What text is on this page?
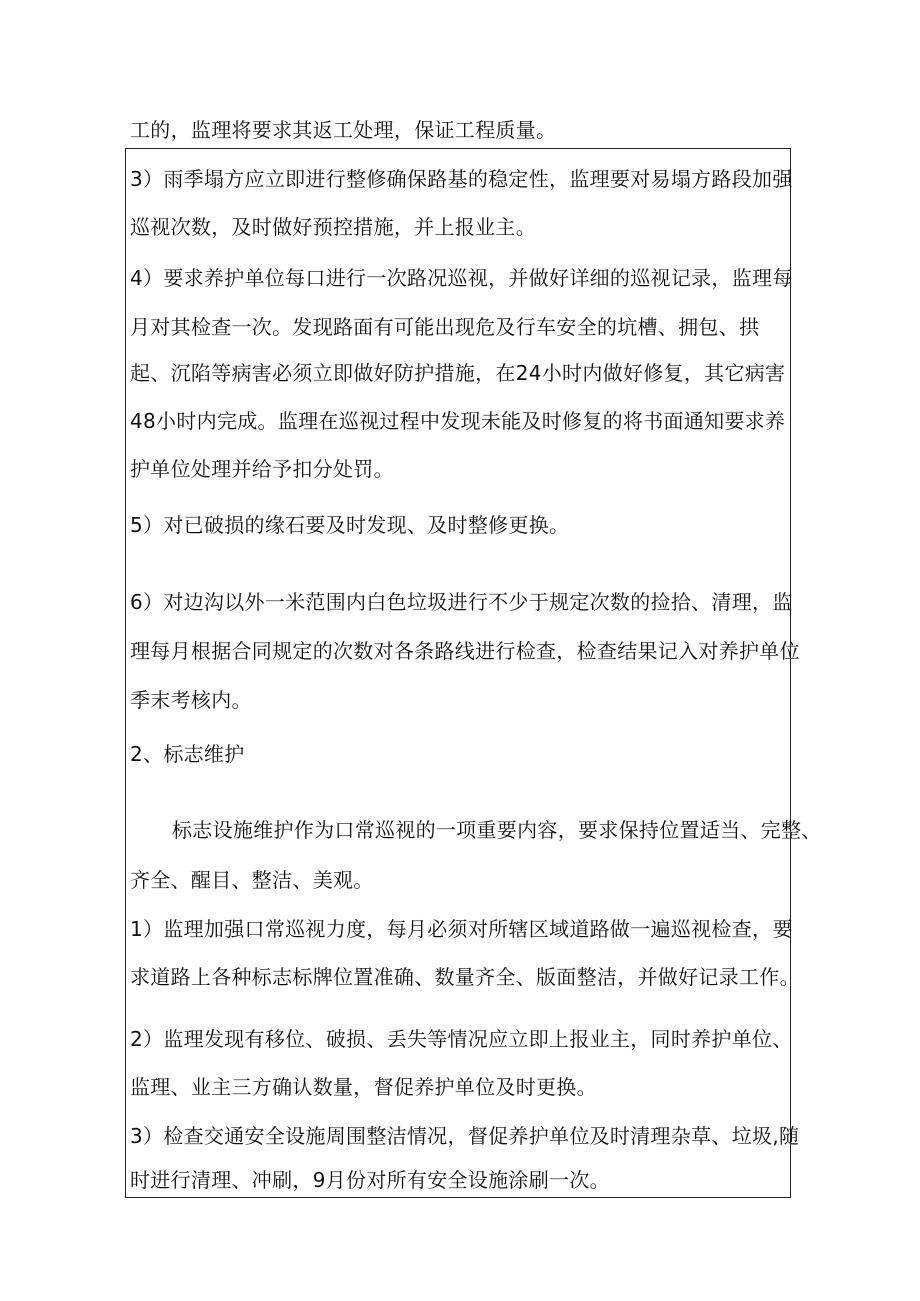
工的，监理将要求其返工处理，保证工程质量。
3）雨季塌方应立即进行整修确保路基的稳定性，监理要对易塌方路段加强
巡视次数，及时做好预控措施，并上报业主。
4）要求养护单位每口进行一次路况巡视，并做好详细的巡视记录，监理每
月对其检查一次。发现路面有可能出现危及行车安全的坑槽、拥包、拱
起、沉陷等病害必须立即做好防护措施，在24小时内做好修复，其它病害
48小时内完成。监理在巡视过程中发现未能及时修复的将书面通知要求养
护单位处理并给予扣分处罚。
5）对已破损的缘石要及时发现、及时整修更换。
6）对边沟以外一米范围内白色垃圾进行不少于规定次数的捡拾、清理，监
理每月根据合同规定的次数对各条路线进行检查，检查结果记入对养护单位
季末考核内。
2、标志维护
标志设施维护作为口常巡视的一项重要内容，要求保持位置适当、完整、
齐全、醒目、整洁、美观。
1）监理加强口常巡视力度，每月必须对所辖区域道路做一遍巡视检查，要
求道路上各种标志标牌位置准确、数量齐全、版面整洁，并做好记录工作。
2）监理发现有移位、破损、丢失等情况应立即上报业主，同时养护单位、
监理、业主三方确认数量，督促养护单位及时更换。
3）检查交通安全设施周围整洁情况，督促养护单位及时清理杂草、垃圾,随
时进行清理、冲刷，9月份对所有安全设施涂刷一次。
